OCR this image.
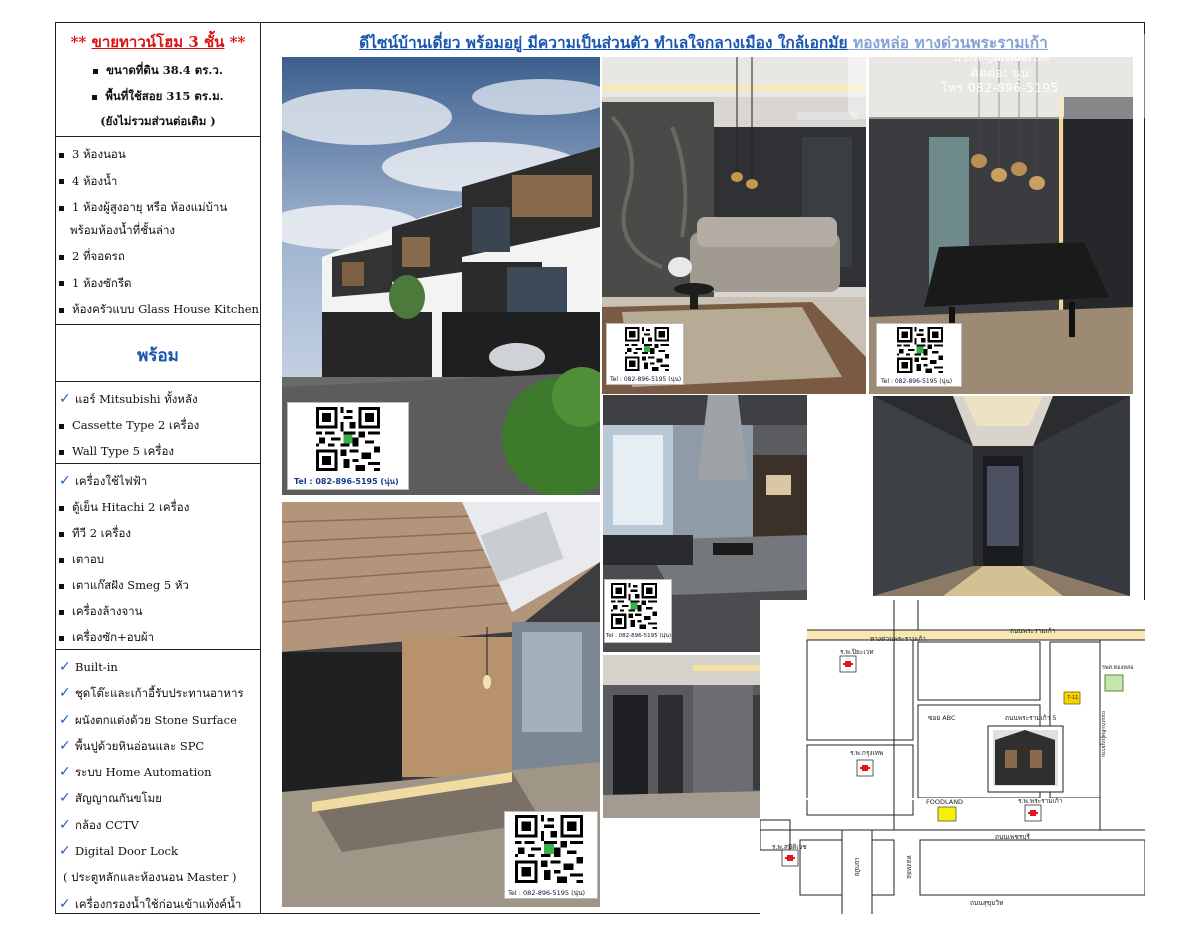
** ขายทาวน์โฮม 3 ชั้น **
ขนาดที่ดิน 38.4 ตร.ว.
พื้นที่ใช้สอย 315 ตร.ม.
(ยังไม่รวมส่วนต่อเติม )
3 ห้องนอน
4 ห้องน้ำ
1 ห้องผู้สูงอายุ หรือ ห้องแม่บ้าน
พร้อมห้องน้ำที่ชั้นล่าง
2 ที่จอดรถ
1 ห้องซักรีด
ห้องครัวแบบ Glass House Kitchen
พร้อม
✓ แอร์ Mitsubishi ทั้งหลัง
Cassette Type 2 เครื่อง
Wall Type 5 เครื่อง
✓ เครื่องใช้ไฟฟ้า
ตู้เย็น Hitachi 2 เครื่อง
ทีวี 2 เครื่อง
เตาอบ
เตาแก๊สฝัง Smeg 5 หัว
เครื่องล้างจาน
เครื่องซัก+อบผ้า
✓ Built-in
✓ ชุดโต๊ะและเก้าอี้รับประทานอาหาร
✓ ผนังตกแต่งด้วย Stone Surface
✓ พื้นปูด้วยหินอ่อนและ SPC
✓ ระบบ Home Automation
✓ สัญญาณกันขโมย
✓ กล้อง CCTV
✓ Digital Door Lock
( ประตูหลักและห้องนอน Master )
✓ เครื่องกรองน้ำใช้ก่อนเข้าแท้งค์น้ำ
ดีไซน์บ้านเดี่ยว พร้อมอยู่ มีความเป็นส่วนตัว ทำเลใจกลางเมือง ใกล้เอกมัย ทองหล่อ ทางด่วนพระรามเก้า
Tel : 082-896-5195 (นุ่น)
Tel : 082-896-5195 (นุ่น)	Tel : 082-896-5195 (นุ่น)
⌂ LivingInsider.com
ติดต่อ: นุน
โทร 082-896-5195
Tel : 082-896-5195 (นุ่น)
Tel : 082-896-5195 (นุ่น)
ถนนพระรามเก้า
ทางด่วนพระรามเก้า
ร.พ.ปิยะเวท
รพส.ทองหล่อ
7-11
ซอย ABC	ถนนพระรามเก้า 5
ร.พ.กรุงเทพ
FOODLAND	ร.พ.พระรามเก้า
ถนนเพชรบุรี
ร.พ.สมิติเวช
ถนนสุขุมวิท
เอกมัย	ทองหล่อ
ถนนประดิษฐ์มนูธรรม
